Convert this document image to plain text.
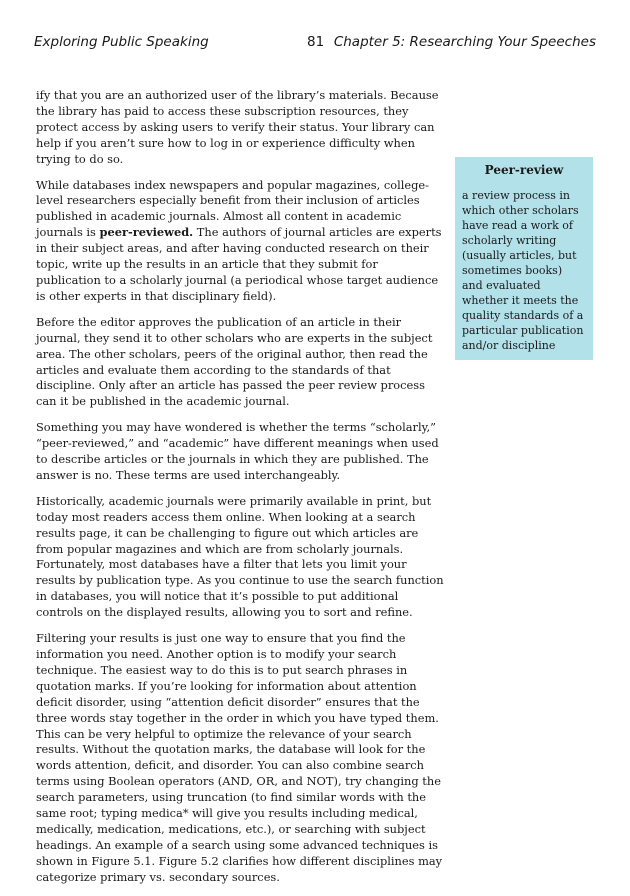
Exploring Public Speaking	81 Chapter 5: Researching Your Speeches

ify that you are an authorized user of the library’s materials. Because the library has paid to access these subscription resources, they protect access by asking users to verify their status. Your library can help if you aren’t sure how to log in or experience difficulty when trying to do so.

While databases index newspapers and popular magazines, college-level researchers especially benefit from their inclusion of articles published in academic journals. Almost all content in academic journals is peer-reviewed. The authors of journal articles are experts in their subject areas, and after having conducted research on their topic, write up the results in an article that they submit for publication to a scholarly journal (a periodical whose target audience is other experts in that disciplinary field).

Before the editor approves the publication of an article in their journal, they send it to other scholars who are experts in the subject area. The other scholars, peers of the original author, then read the articles and evaluate them according to the standards of that discipline. Only after an article has passed the peer review process can it be published in the academic journal.

Something you may have wondered is whether the terms “scholarly,” “peer-reviewed,” and “academic” have different meanings when used to describe articles or the journals in which they are published. The answer is no. These terms are used interchangeably.

Historically, academic journals were primarily available in print, but today most readers access them online. When looking at a search results page, it can be challenging to figure out which articles are from popular magazines and which are from scholarly journals. Fortunately, most databases have a filter that lets you limit your results by publication type. As you continue to use the search function in databases, you will notice that it’s possible to put additional controls on the displayed results, allowing you to sort and refine.

Filtering your results is just one way to ensure that you find the information you need. Another option is to modify your search technique. The easiest way to do this is to put search phrases in quotation marks. If you’re looking for information about attention deficit disorder, using “attention deficit disorder” ensures that the three words stay together in the order in which you have typed them. This can be very helpful to optimize the relevance of your search results. Without the quotation marks, the database will look for the words attention, deficit, and disorder. You can also combine search terms using Boolean operators (AND, OR, and NOT), try changing the search parameters, using truncation (to find similar words with the same root; typing medica* will give you results including medical, medically, medication, medications, etc.), or searching with subject headings. An example of a search using some advanced techniques is shown in Figure 5.1. Figure 5.2 clarifies how different disciplines may categorize primary vs. secondary sources.

Peer-review

a review process in which other scholars have read a work of scholarly writing (usually articles, but sometimes books) and evaluated whether it meets the quality standards of a particular publication and/or discipline
